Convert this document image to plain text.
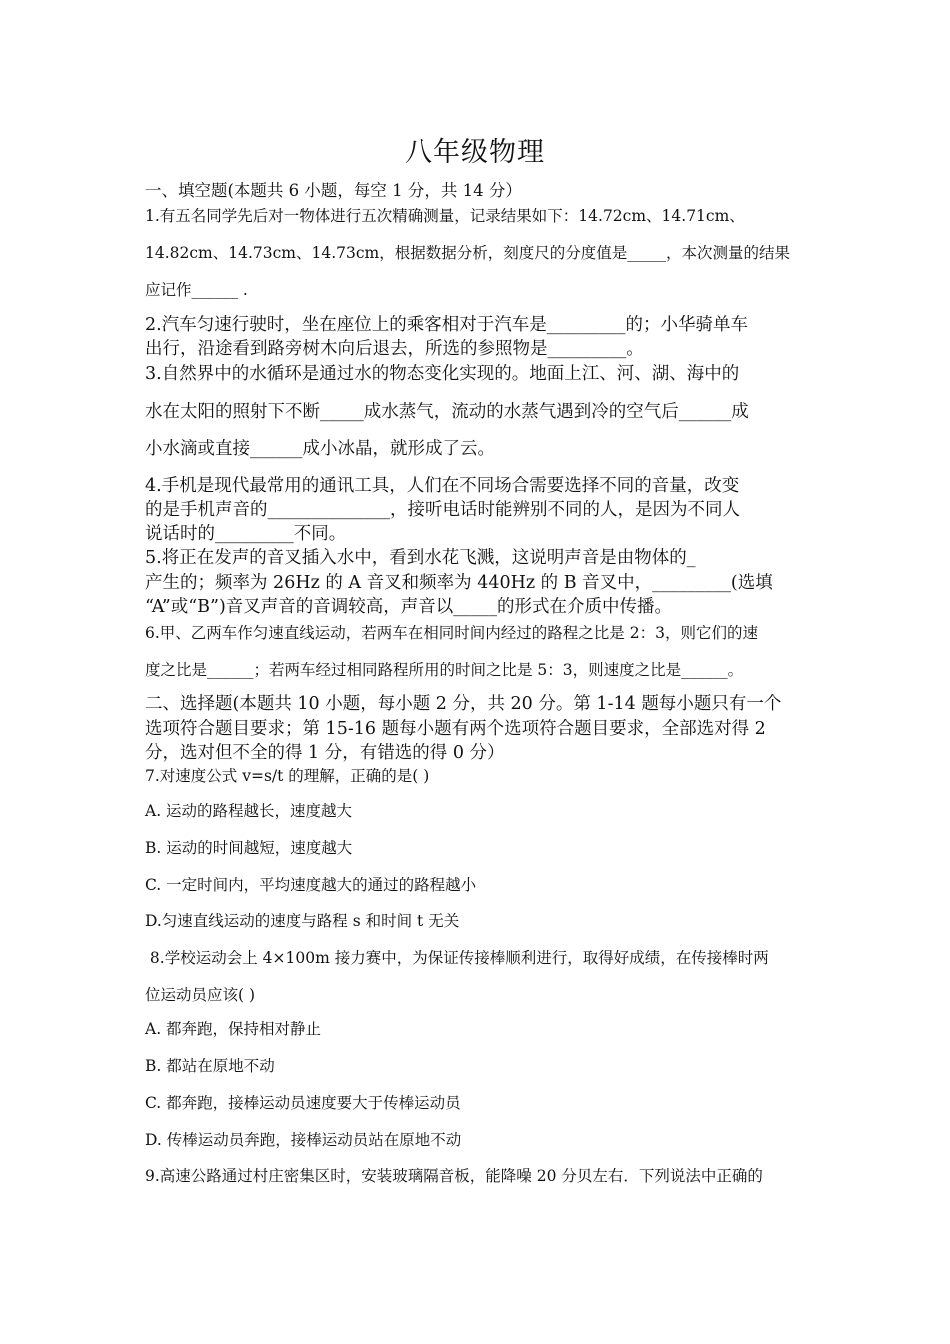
八年级物理
一、填空题(本题共 6 小题，每空 1 分，共 14 分）
1.有五名同学先后对一物体进行五次精确测量，记录结果如下：14.72cm、14.71cm、
14.82cm、14.73cm、14.73cm，根据数据分析，刻度尺的分度值是_____，本次测量的结果
应记作______ .
2.汽车匀速行驶时，坐在座位上的乘客相对于汽车是_________的；小华骑单车
出行，沿途看到路旁树木向后退去，所选的参照物是_________。
3.自然界中的水循环是通过水的物态变化实现的。地面上江、河、湖、海中的
水在太阳的照射下不断_____成水蒸气，流动的水蒸气遇到冷的空气后______成
小水滴或直接______成小冰晶，就形成了云。
4.手机是现代最常用的通讯工具，人们在不同场合需要选择不同的音量，改变
的是手机声音的______________，接听电话时能辨别不同的人，是因为不同人
说话时的_________不同。
5.将正在发声的音叉插入水中，看到水花飞溅，这说明声音是由物体的_
产生的；频率为 26Hz 的 A 音叉和频率为 440Hz 的 B 音叉中，_________(选填
“A”或“B”)音叉声音的音调较高，声音以_____的形式在介质中传播。
6.甲、乙两车作匀速直线运动，若两车在相同时间内经过的路程之比是 2：3，则它们的速
度之比是______；若两车经过相同路程所用的时间之比是 5：3，则速度之比是______。
二、选择题(本题共 10 小题，每小题 2 分，共 20 分。第 1-14 题每小题只有一个
选项符合题目要求；第 15-16 题每小题有两个选项符合题目要求，全部选对得 2
分，选对但不全的得 1 分，有错选的得 0 分）
7.对速度公式 v=s/t 的理解，正确的是( )
A. 运动的路程越长，速度越大
B. 运动的时间越短，速度越大
C. 一定时间内，平均速度越大的通过的路程越小
D.匀速直线运动的速度与路程 s 和时间 t 无关
8.学校运动会上 4×100m 接力赛中，为保证传接棒顺利进行，取得好成绩，在传接棒时两
位运动员应该( )
A. 都奔跑，保持相对静止
B. 都站在原地不动
C. 都奔跑，接棒运动员速度要大于传棒运动员
D. 传棒运动员奔跑，接棒运动员站在原地不动
9.高速公路通过村庄密集区时，安装玻璃隔音板，能降噪 20 分贝左右．下列说法中正确的
